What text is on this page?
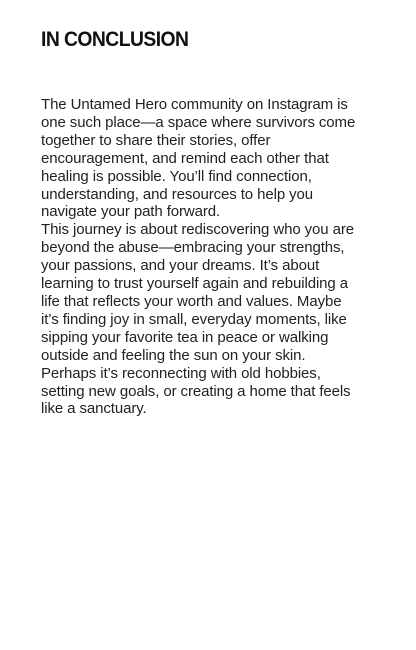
IN CONCLUSION

The Untamed Hero community on Instagram is one such place—a space where survivors come together to share their stories, offer encouragement, and remind each other that healing is possible. You’ll find connection, understanding, and resources to help you navigate your path forward.

This journey is about rediscovering who you are beyond the abuse—embracing your strengths, your passions, and your dreams. It’s about learning to trust yourself again and rebuilding a life that reflects your worth and values. Maybe it’s finding joy in small, everyday moments, like sipping your favorite tea in peace or walking outside and feeling the sun on your skin. Perhaps it’s reconnecting with old hobbies, setting new goals, or creating a home that feels like a sanctuary.
